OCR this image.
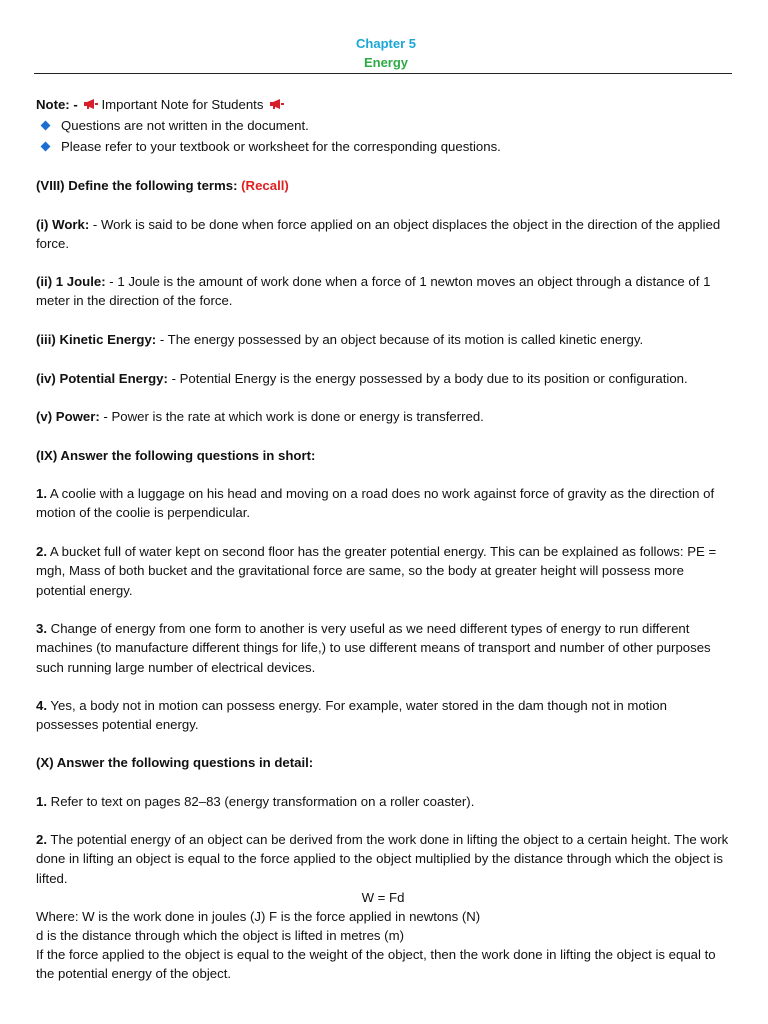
Chapter 5
Energy
Note: - Important Note for Students
Questions are not written in the document.
Please refer to your textbook or worksheet for the corresponding questions.
(VIII) Define the following terms: (Recall)
(i) Work: - Work is said to be done when force applied on an object displaces the object in the direction of the applied force.
(ii) 1 Joule: - 1 Joule is the amount of work done when a force of 1 newton moves an object through a distance of 1 meter in the direction of the force.
(iii) Kinetic Energy: - The energy possessed by an object because of its motion is called kinetic energy.
(iv) Potential Energy: - Potential Energy is the energy possessed by a body due to its position or configuration.
(v) Power: - Power is the rate at which work is done or energy is transferred.
(IX) Answer the following questions in short:
1. A coolie with a luggage on his head and moving on a road does no work against force of gravity as the direction of motion of the coolie is perpendicular.
2. A bucket full of water kept on second floor has the greater potential energy. This can be explained as follows: PE = mgh, Mass of both bucket and the gravitational force are same, so the body at greater height will possess more potential energy.
3. Change of energy from one form to another is very useful as we need different types of energy to run different machines (to manufacture different things for life,) to use different means of transport and number of other purposes such running large number of electrical devices.
4. Yes, a body not in motion can possess energy. For example, water stored in the dam though not in motion possesses potential energy.
(X) Answer the following questions in detail:
1. Refer to text on pages 82–83 (energy transformation on a roller coaster).
2. The potential energy of an object can be derived from the work done in lifting the object to a certain height. The work done in lifting an object is equal to the force applied to the object multiplied by the distance through which the object is lifted.
W = Fd
Where: W is the work done in joules (J) F is the force applied in newtons (N)
d is the distance through which the object is lifted in metres (m)
If the force applied to the object is equal to the weight of the object, then the work done in lifting the object is equal to the potential energy of the object.
